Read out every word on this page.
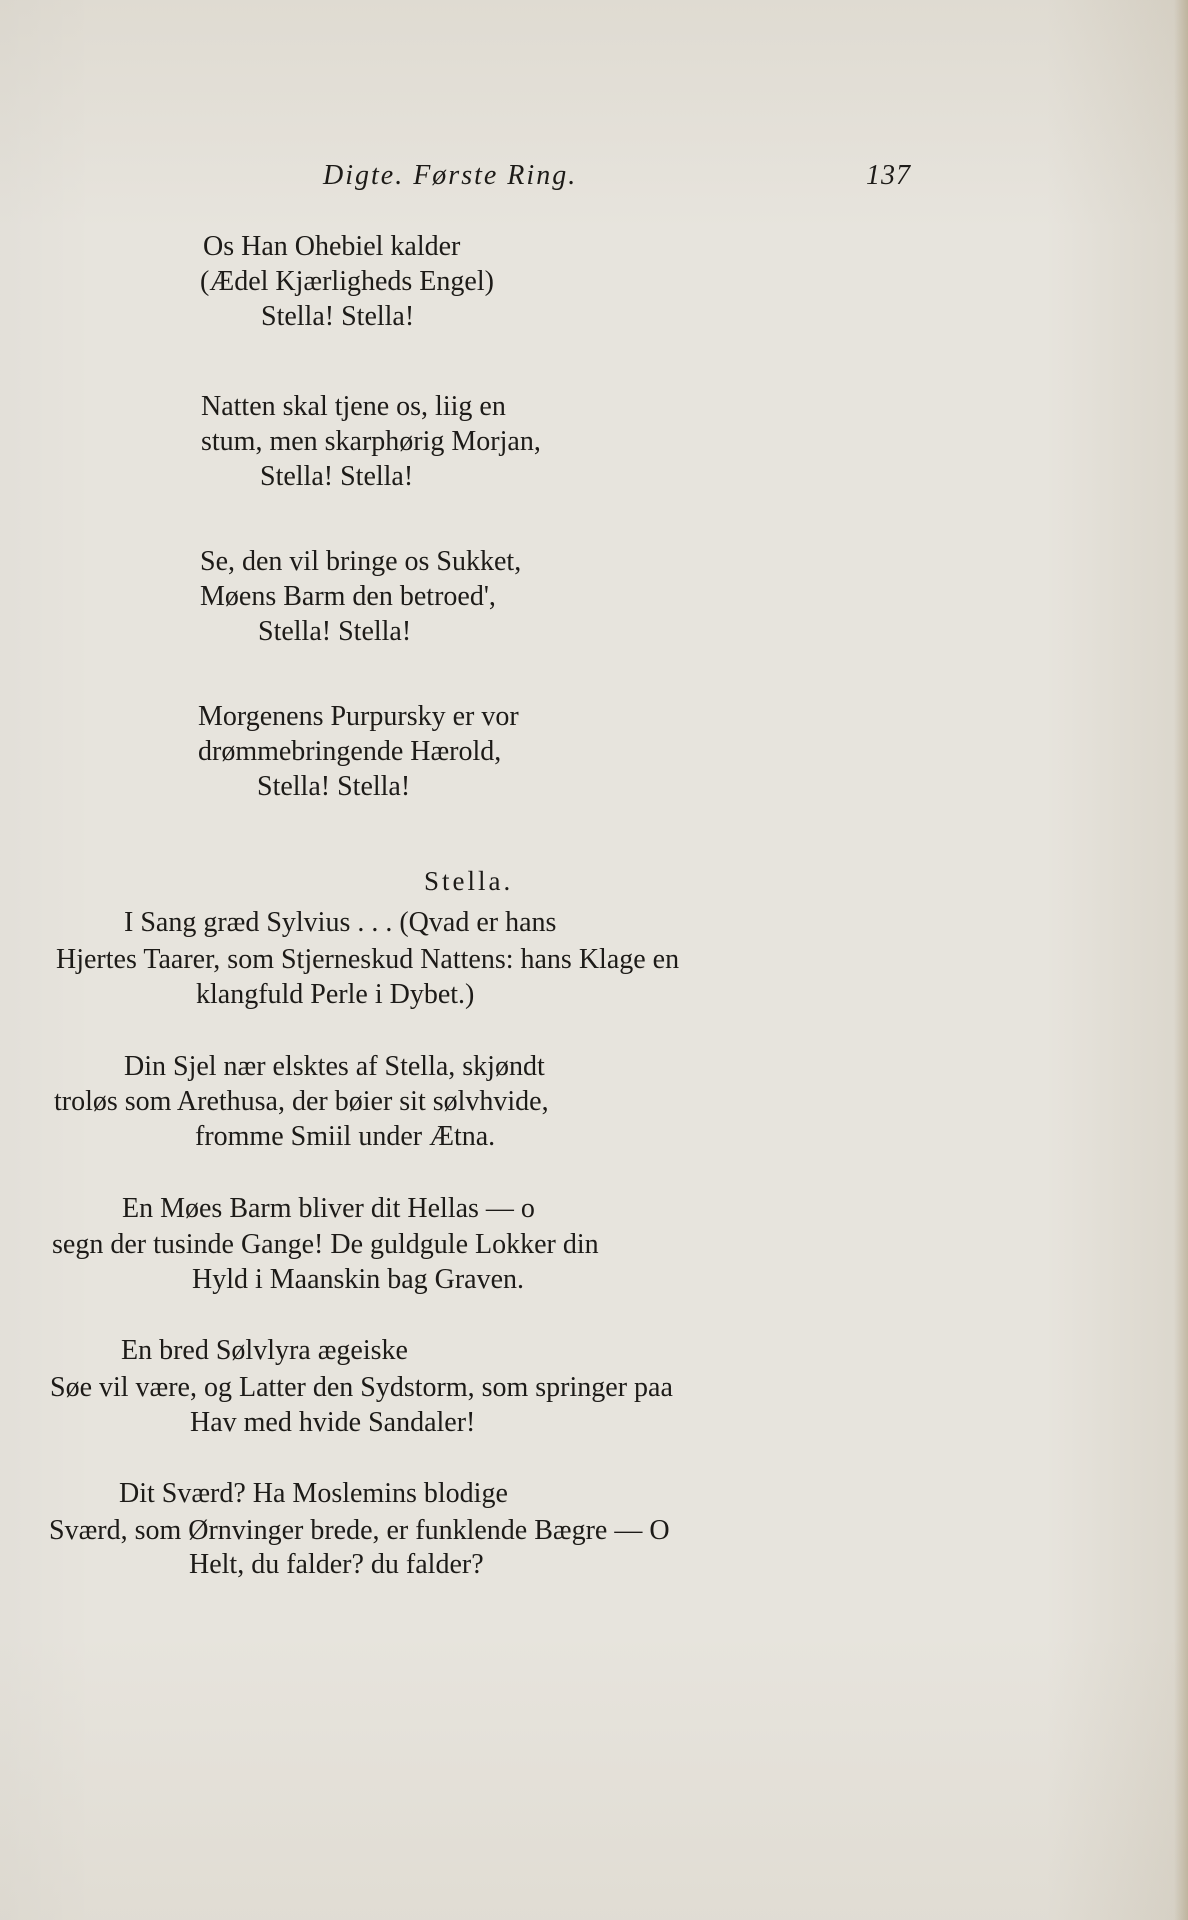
Digte. Første Ring.	137
Os Han Ohebiel kalder
(Ædel Kjærligheds Engel)
Stella! Stella!
Natten skal tjene os, liig en
stum, men skarphørig Morjan,
Stella! Stella!
Se, den vil bringe os Sukket,
Møens Barm den betroed',
Stella! Stella!
Morgenens Purpursky er vor
drømmebringende Hærold,
Stella! Stella!
Stella.
I Sang græd Sylvius . . . (Qvad er hans
Hjertes Taarer, som Stjerneskud Nattens: hans Klage en
klangfuld Perle i Dybet.)
Din Sjel nær elsktes af Stella, skjøndt
troløs som Arethusa, der bøier sit sølvhvide,
fromme Smiil under Ætna.
En Møes Barm bliver dit Hellas — o
segn der tusinde Gange! De guldgule Lokker din
Hyld i Maanskin bag Graven.
En bred Sølvlyra ægeiske
Søe vil være, og Latter den Sydstorm, som springer paa
Hav med hvide Sandaler!
Dit Sværd? Ha Moslemins blodige
Sværd, som Ørnvinger brede, er funklende Bægre — O
Helt, du falder? du falder?
